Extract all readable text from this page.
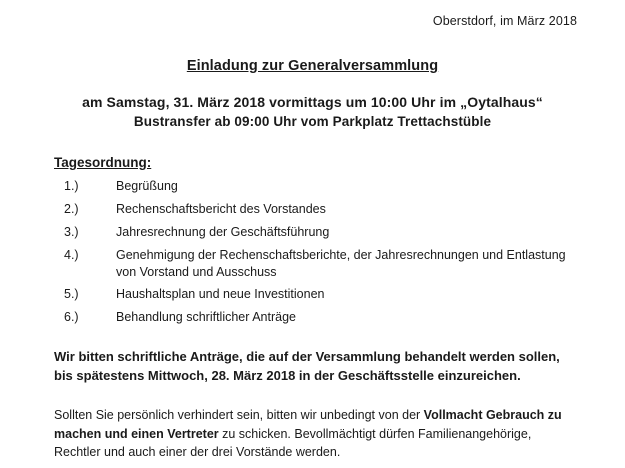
Oberstdorf, im März 2018
Einladung zur Generalversammlung
am Samstag, 31. März 2018 vormittags um 10:00 Uhr im „Oytalhaus“
Bustransfer ab 09:00 Uhr vom Parkplatz Trettachstüble
Tagesordnung:
1.)	Begrüßung
2.)	Rechenschaftsbericht des Vorstandes
3.)	Jahresrechnung der Geschäftsführung
4.)	Genehmigung der Rechenschaftsberichte, der Jahresrechnungen und Entlastung von Vorstand und Ausschuss
5.)	Haushaltsplan und neue Investitionen
6.)	Behandlung schriftlicher Anträge
Wir bitten schriftliche Anträge, die auf der Versammlung behandelt werden sollen, bis spätestens Mittwoch, 28. März 2018 in der Geschäftsstelle einzureichen.
Sollten Sie persönlich verhindert sein, bitten wir unbedingt von der Vollmacht Gebrauch zu machen und einen Vertreter zu schicken. Bevollmächtigt dürfen Familienangehörige, Rechtler und auch einer der drei Vorstände werden.
